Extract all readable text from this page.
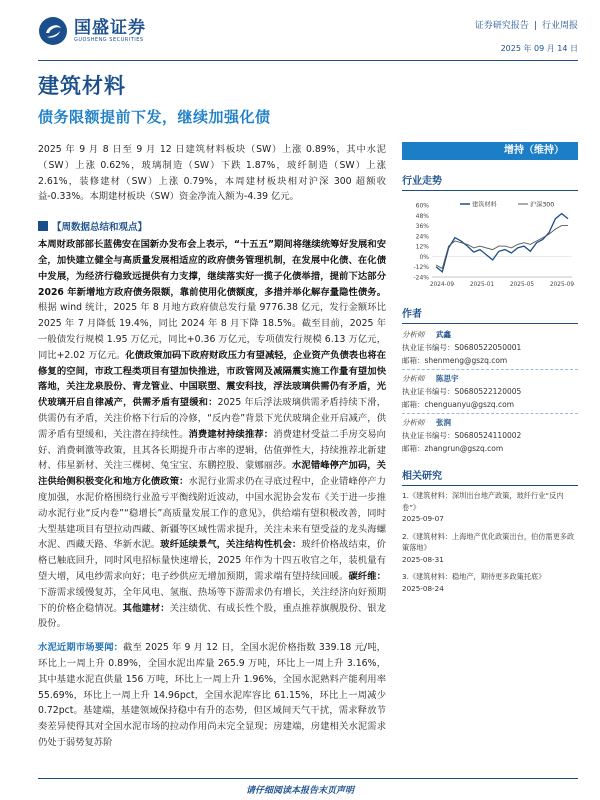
国盛证券
GUOSHENG SECURITIES
证券研究报告 | 行业周报
2025 年 09 月 14 日
建筑材料
债务限额提前下发，继续加强化债

2025 年 9 月 8 日至 9 月 12 日建筑材料板块（SW）上涨 0.89%，其中水泥（SW）上涨 0.62%，玻璃制造（SW）下跌 1.87%，玻纤制造（SW）上涨 2.61%，装修建材（SW）上涨 0.79%，本周建材板块相对沪深 300 超额收益-0.33%。本期建材板块（SW）资金净流入额为-4.39 亿元。

【周数据总结和观点】

本周财政部部长蓝佛安在国新办发布会上表示，“十五五”期间将继续统筹好发展和安全，加快建立健全与高质量发展相适应的政府债务管理机制，在发展中化债、在化债中发展，为经济行稳致远提供有力支撑，继续落实好一揽子化债举措，提前下达部分 2026 年新增地方政府债务限额，靠前使用化债额度，多措并举化解存量隐性债务。根据 wind 统计，2025 年 8 月地方政府债总发行量 9776.38 亿元，发行金额环比 2025 年 7 月降低 19.4%，同比 2024 年 8 月下降 18.5%。截至目前，2025 年一般债发行规模 1.95 万亿元，同比+0.36 万亿元，专项债发行规模 6.13 万亿元，同比+2.02 万亿元。化债政策加码下政府财政压力有望减轻，企业资产负债表也将在修复的空间，市政工程类项目有望加快推进，市政管网及减隔震实施工作量有望加快落地，关注龙泉股份、青龙管业、中国联塑、震安科技，浮法玻璃供需仍有矛盾，光伏玻璃开启自律减产，供需矛盾有望缓和：2025 年后浮法玻璃供需矛盾持续下滑，供需仍有矛盾，关注价格下行后的冷修，“反内卷”背景下光伏玻璃企业开启减产，供需矛盾有望缓和，关注潜在持续性。消费建材持续推荐：消费建材受益二手房交易向好、消费刺激等政策，且其各长期提升市占率的逻辑，估值弹性大，持续推荐北新建材、伟星新材、关注三棵树、兔宝宝、东鹏控股、蒙娜丽莎。水泥错峰停产加码，关注供给侧积极变化和地方化债政策：水泥行业需求仍在寻底过程中，企业错峰停产力度加强，水泥价格围绕行业盈亏平衡线附近波动，中国水泥协会发布《关于进一步推动水泥行业“反内卷”“稳增长”高质量发展工作的意见》，供给端有望积极改善，同时大型基建项目有望拉动西藏、新疆等区域性需求提升，关注未来有望受益的龙头海螺水泥、西藏天路、华新水泥。玻纤延续景气，关注结构性机会：玻纤价格战结束，价格已触底回升，同时风电招标量快速增长，2025 年作为十四五收官之年，装机量有望大增，风电纱需求向好；电子纱供应无增加预期，需求端有望持续回暖。碳纤维：下游需求缓慢复苏，全年风电、氢瓶、热场等下游需求仍有增长，关注经济向好预期下的价格企稳情况。其他建材：关注绩优、有成长性个股，重点推荐旗舰股份、银龙股份。

水泥近期市场要闻：截至 2025 年 9 月 12 日，全国水泥价格指数 339.18 元/吨，环比上一周上升 0.89%，全国水泥出库量 265.9 万吨，环比上一周上升 3.16%，其中基建水泥直供量 156 万吨，环比上一周上升 1.96%，全国水泥熟料产能利用率 55.69%，环比上一周上升 14.96pct，全国水泥库容比 61.15%，环比上一周减少 0.72pct。基建端，基建领域保持稳中有升的态势，但区域间天气干扰，需求释放节奏差异使得其对全国水泥市场的拉动作用尚未完全显现；房建端，房建相关水泥需求仍处于弱势复苏阶

增持（维持）
行业走势
60%
48%
36%
24%
12%
0%
-12%
-24%
2024-09	2025-01	2025-05	2025-09
建筑材料	沪深300
作者
分析师	武鑫
执业证书编号：S0680522050001
邮箱：shenmeng@gszq.com
分析师	陈思宇
执业证书编号：S0680522120005
邮箱：chenguanyu@gszq.com
分析师	张润
执业证书编号：S0680524110002
邮箱：zhangrun@gszq.com
相关研究
1.《建筑材料：深圳出台地产政策，玻纤行业“反内卷”》
2025-09-07
2.《建筑材料：上海地产优化政策出台，伯仿需更多政策落地》
2025-08-31
3.《建筑材料：稳地产，期待更多政策托底》
2025-08-24
请仔细阅读本报告末页声明
